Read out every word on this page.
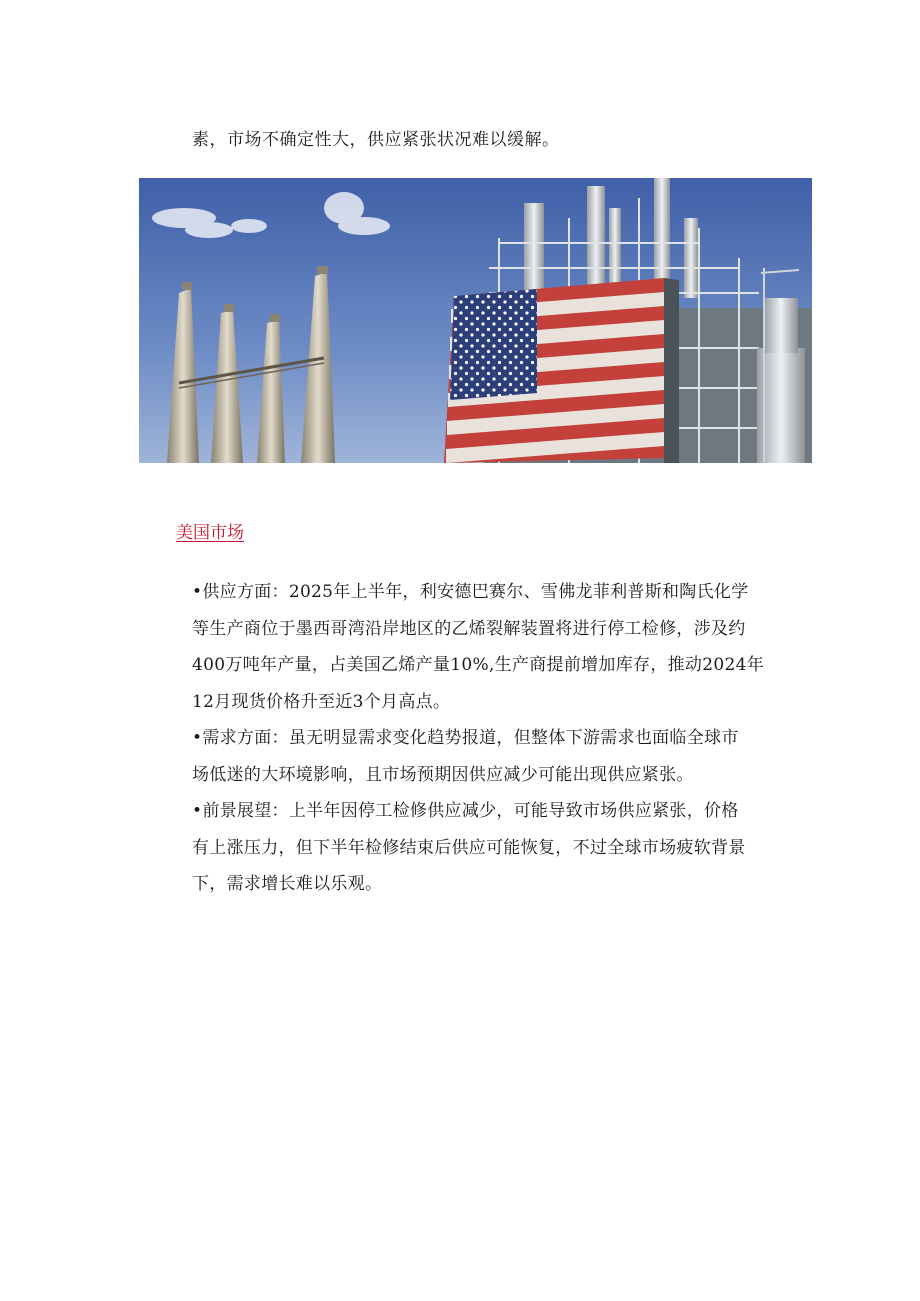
素，市场不确定性大，供应紧张状况难以缓解。
美国市场

•供应方面：2025年上半年，利安德巴赛尔、雪佛龙菲利普斯和陶氏化学
等生产商位于墨西哥湾沿岸地区的乙烯裂解装置将进行停工检修，涉及约
400万吨年产量，占美国乙烯产量10%,生产商提前增加库存，推动2024年
12月现货价格升至近3个月高点。

•需求方面：虽无明显需求变化趋势报道，但整体下游需求也面临全球市
场低迷的大环境影响，且市场预期因供应减少可能出现供应紧张。

•前景展望：上半年因停工检修供应减少，可能导致市场供应紧张，价格
有上涨压力，但下半年检修结束后供应可能恢复，不过全球市场疲软背景
下，需求增长难以乐观。
